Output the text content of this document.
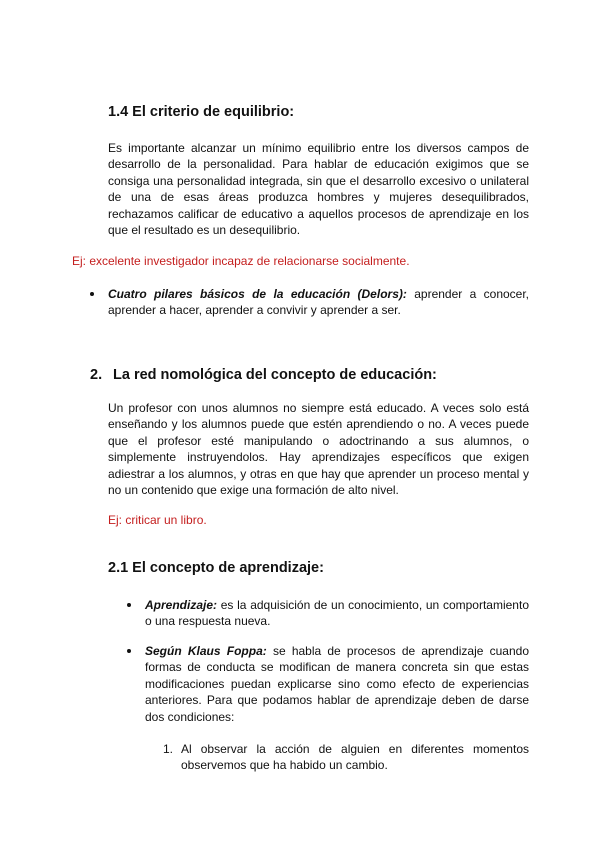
1.4 El criterio de equilibrio:

Es importante alcanzar un mínimo equilibrio entre los diversos campos de desarrollo de la personalidad. Para hablar de educación exigimos que se consiga una personalidad integrada, sin que el desarrollo excesivo o unilateral de una de esas áreas produzca hombres y mujeres desequilibrados, rechazamos calificar de educativo a aquellos procesos de aprendizaje en los que el resultado es un desequilibrio.

Ej: excelente investigador incapaz de relacionarse socialmente.

Cuatro pilares básicos de la educación (Delors): aprender a conocer, aprender a hacer, aprender a convivir y aprender a ser.

2. La red nomológica del concepto de educación:

Un profesor con unos alumnos no siempre está educado. A veces solo está enseñando y los alumnos puede que estén aprendiendo o no. A veces puede que el profesor esté manipulando o adoctrinando a sus alumnos, o simplemente instruyendolos. Hay aprendizajes específicos que exigen adiestrar a los alumnos, y otras en que hay que aprender un proceso mental y no un contenido que exige una formación de alto nivel.

Ej: criticar un libro.

2.1 El concepto de aprendizaje:

Aprendizaje: es la adquisición de un conocimiento, un comportamiento o una respuesta nueva.

Según Klaus Foppa: se habla de procesos de aprendizaje cuando formas de conducta se modifican de manera concreta sin que estas modificaciones puedan explicarse sino como efecto de experiencias anteriores. Para que podamos hablar de aprendizaje deben de darse dos condiciones:

1. Al observar la acción de alguien en diferentes momentos observemos que ha habido un cambio.
